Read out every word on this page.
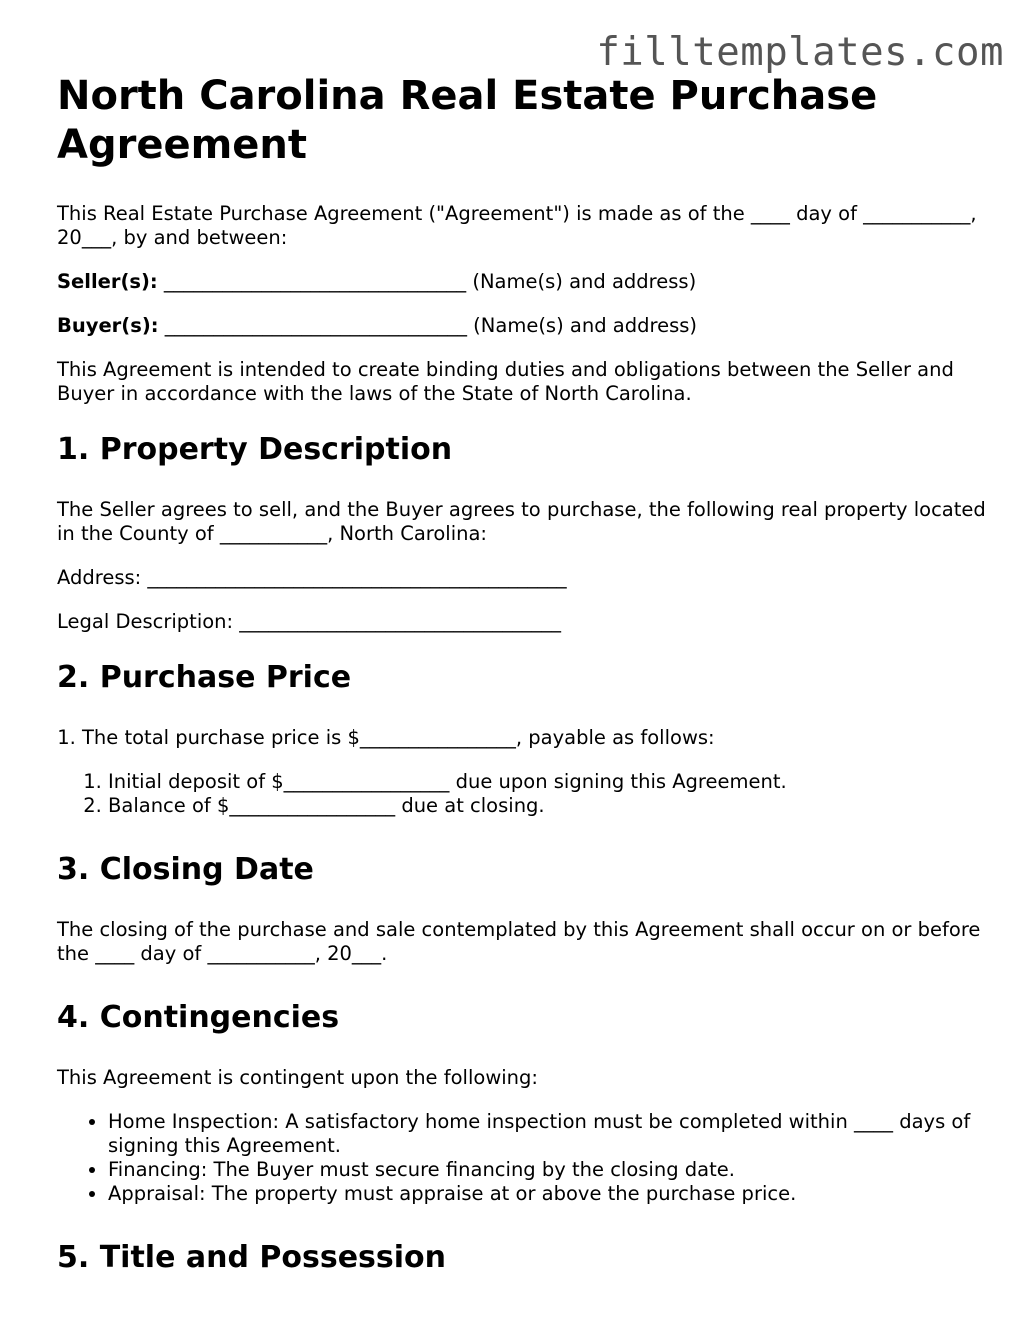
filltemplates.com
North Carolina Real Estate Purchase Agreement

This Real Estate Purchase Agreement ("Agreement") is made as of the ____ day of ___________, 20___, by and between:

Seller(s): _______________________________ (Name(s) and address)

Buyer(s): _______________________________ (Name(s) and address)

This Agreement is intended to create binding duties and obligations between the Seller and Buyer in accordance with the laws of the State of North Carolina.

1. Property Description

The Seller agrees to sell, and the Buyer agrees to purchase, the following real property located in the County of ___________, North Carolina:

Address: ___________________________________________

Legal Description: _________________________________

2. Purchase Price
1. The total purchase price is $________________, payable as follows:
1. Initial deposit of $_________________ due upon signing this Agreement.
2. Balance of $_________________ due at closing.
3. Closing Date

The closing of the purchase and sale contemplated by this Agreement shall occur on or before the ____ day of ___________, 20___.

4. Contingencies

This Agreement is contingent upon the following:

• Home Inspection: A satisfactory home inspection must be completed within ____ days of signing this Agreement.
• Financing: The Buyer must secure financing by the closing date.
• Appraisal: The property must appraise at or above the purchase price.
5. Title and Possession
